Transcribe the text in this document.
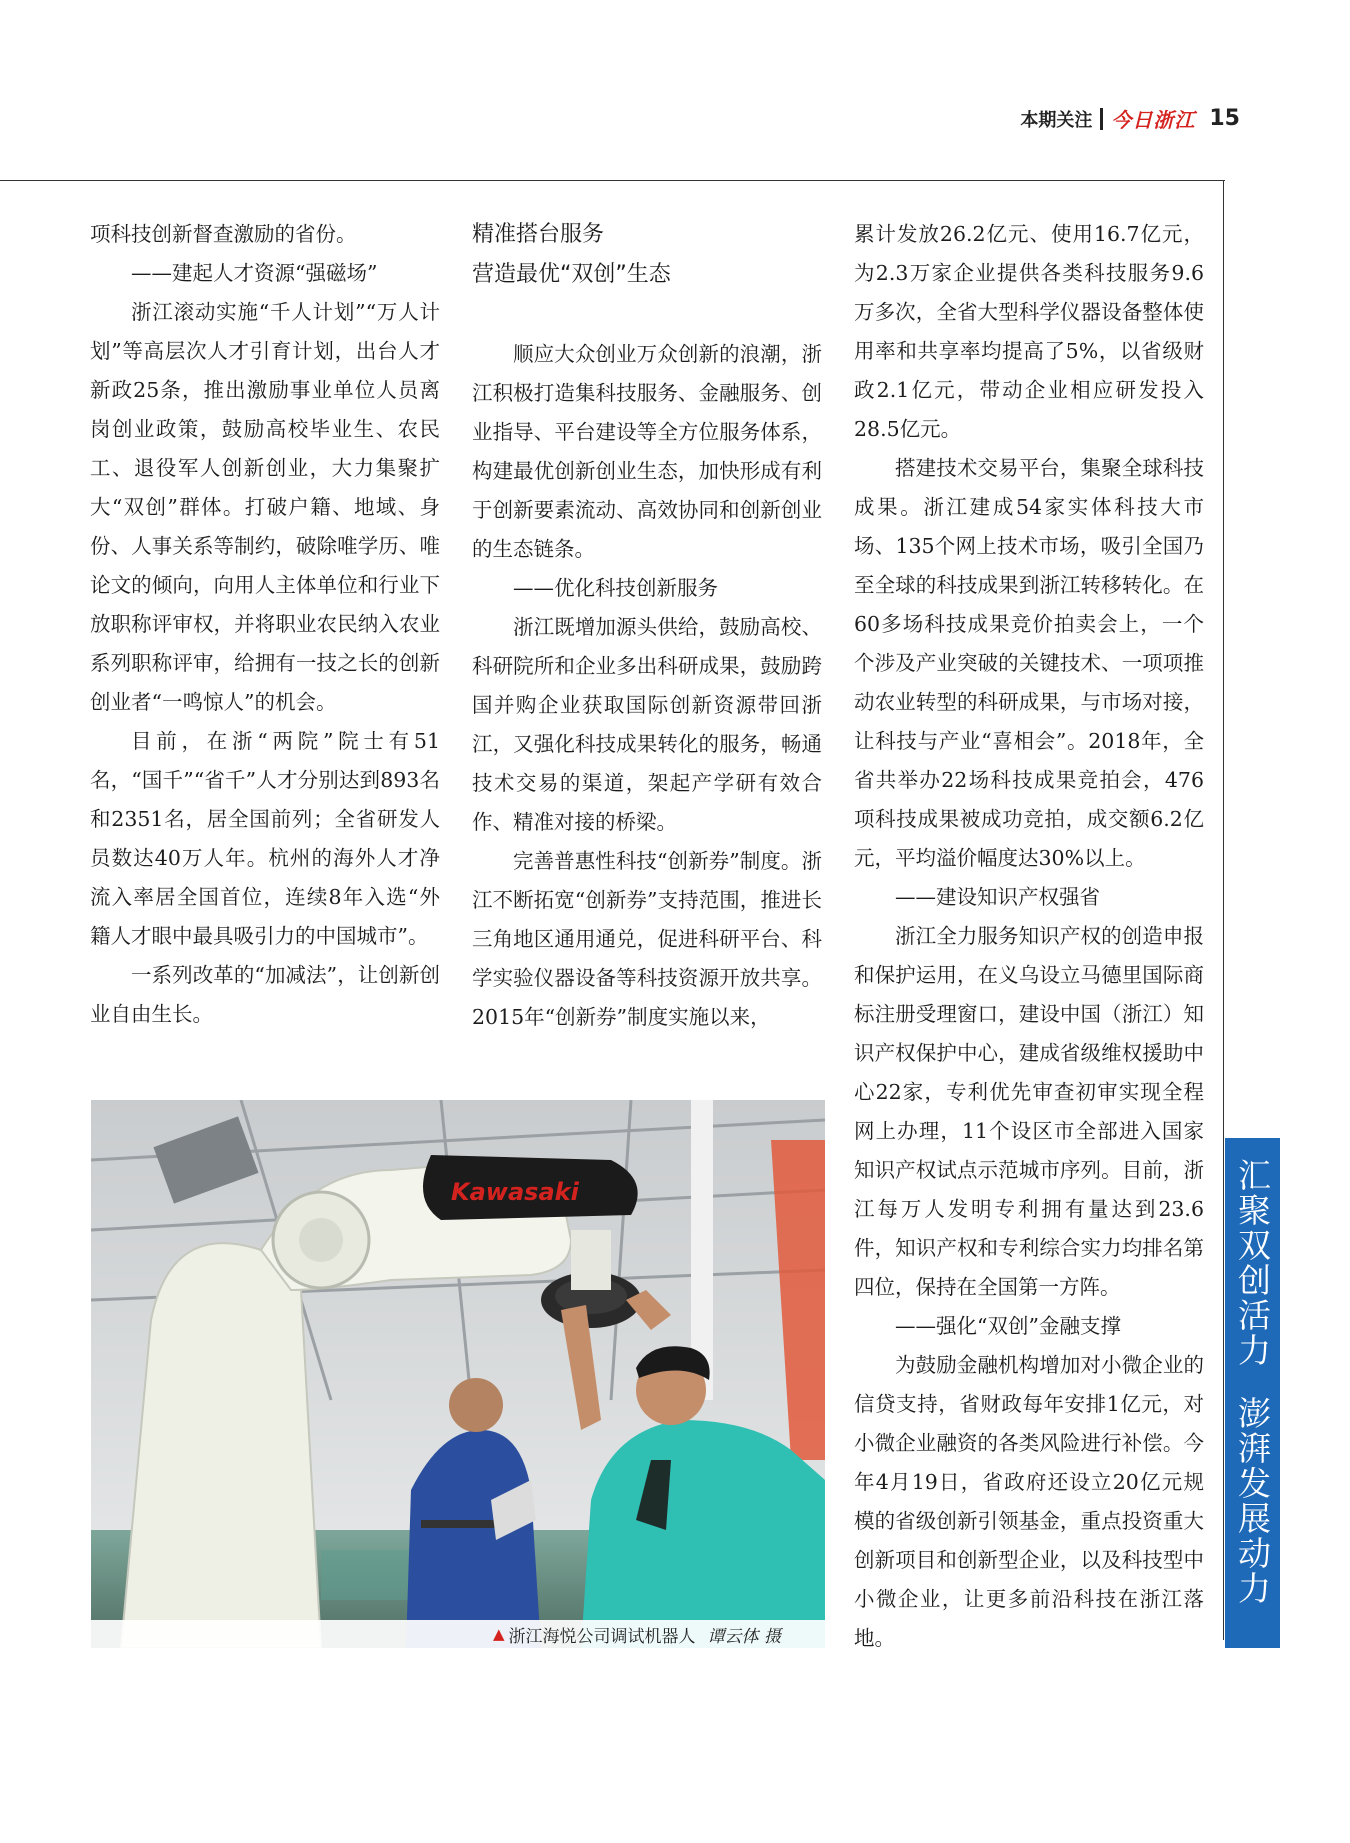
本期关注 今日浙江 15

项科技创新督查激励的省份。

——建起人才资源“强磁场”

浙江滚动实施“千人计划”“万人计划”等高层次人才引育计划，出台人才新政25条，推出激励事业单位人员离岗创业政策，鼓励高校毕业生、农民工、退役军人创新创业，大力集聚扩大“双创”群体。打破户籍、地域、身份、人事关系等制约，破除唯学历、唯论文的倾向，向用人主体单位和行业下放职称评审权，并将职业农民纳入农业系列职称评审，给拥有一技之长的创新创业者“一鸣惊人”的机会。

目前，在浙“两院”院士有51名，“国千”“省千”人才分别达到893名和2351名，居全国前列；全省研发人员数达40万人年。杭州的海外人才净流入率居全国首位，连续8年入选“外籍人才眼中最具吸引力的中国城市”。

一系列改革的“加减法”，让创新创业自由生长。

精准搭台服务

营造最优“双创”生态

顺应大众创业万众创新的浪潮，浙江积极打造集科技服务、金融服务、创业指导、平台建设等全方位服务体系，构建最优创新创业生态，加快形成有利于创新要素流动、高效协同和创新创业的生态链条。

——优化科技创新服务

浙江既增加源头供给，鼓励高校、科研院所和企业多出科研成果，鼓励跨国并购企业获取国际创新资源带回浙江，又强化科技成果转化的服务，畅通技术交易的渠道，架起产学研有效合作、精准对接的桥梁。

完善普惠性科技“创新券”制度。浙江不断拓宽“创新券”支持范围，推进长三角地区通用通兑，促进科研平台、科学实验仪器设备等科技资源开放共享。2015年“创新券”制度实施以来，

累计发放26.2亿元、使用16.7亿元，为2.3万家企业提供各类科技服务9.6万多次，全省大型科学仪器设备整体使用率和共享率均提高了5%，以省级财政2.1亿元，带动企业相应研发投入28.5亿元。

搭建技术交易平台，集聚全球科技成果。浙江建成54家实体科技大市场、135个网上技术市场，吸引全国乃至全球的科技成果到浙江转移转化。在60多场科技成果竞价拍卖会上，一个个涉及产业突破的关键技术、一项项推动农业转型的科研成果，与市场对接，让科技与产业“喜相会”。2018年，全省共举办22场科技成果竞拍会，476项科技成果被成功竞拍，成交额6.2亿元，平均溢价幅度达30%以上。

——建设知识产权强省

浙江全力服务知识产权的创造申报和保护运用，在义乌设立马德里国际商标注册受理窗口，建设中国（浙江）知识产权保护中心，建成省级维权援助中心22家，专利优先审查初审实现全程网上办理，11个设区市全部进入国家知识产权试点示范城市序列。目前，浙江每万人发明专利拥有量达到23.6件，知识产权和专利综合实力均排名第四位，保持在全国第一方阵。

——强化“双创”金融支撑

为鼓励金融机构增加对小微企业的信贷支持，省财政每年安排1亿元，对小微企业融资的各类风险进行补偿。今年4月19日，省政府还设立20亿元规模的省级创新引领基金，重点投资重大创新项目和创新型企业，以及科技型中小微企业，让更多前沿科技在浙江落地。

Kawasaki
▲ 浙江海悦公司调试机器人 谭云体 摄
汇聚双创活力
澎湃发展动力
